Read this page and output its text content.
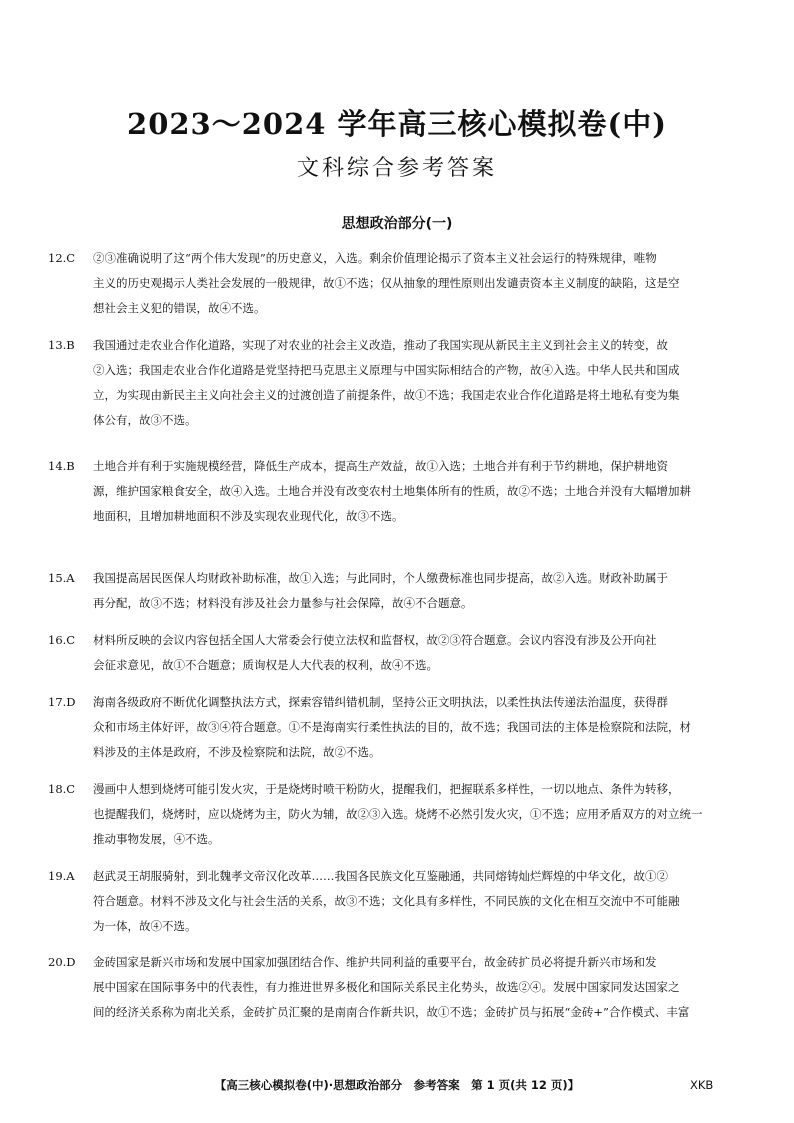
2023～2024 学年高三核心模拟卷(中)
文科综合参考答案
思想政治部分(一)
12.C ②③准确说明了这“两个伟大发现”的历史意义，入选。剩余价值理论揭示了资本主义社会运行的特殊规律，唯物
主义的历史观揭示人类社会发展的一般规律，故①不选；仅从抽象的理性原则出发谴责资本主义制度的缺陷，这是空
想社会主义犯的错误，故④不选。
13.B 我国通过走农业合作化道路，实现了对农业的社会主义改造，推动了我国实现从新民主主义到社会主义的转变，故
②入选；我国走农业合作化道路是党坚持把马克思主义原理与中国实际相结合的产物，故④入选。中华人民共和国成
立，为实现由新民主主义向社会主义的过渡创造了前提条件，故①不选；我国走农业合作化道路是将土地私有变为集
体公有，故③不选。
14.B 土地合并有利于实施规模经营，降低生产成本，提高生产效益，故①入选；土地合并有利于节约耕地，保护耕地资
源，维护国家粮食安全，故④入选。土地合并没有改变农村土地集体所有的性质，故②不选；土地合并没有大幅增加耕
地面积，且增加耕地面积不涉及实现农业现代化，故③不选。
15.A 我国提高居民医保人均财政补助标准，故①入选；与此同时，个人缴费标准也同步提高，故②入选。财政补助属于
再分配，故③不选；材料没有涉及社会力量参与社会保障，故④不合题意。
16.C 材料所反映的会议内容包括全国人大常委会行使立法权和监督权，故②③符合题意。会议内容没有涉及公开向社
会征求意见，故①不合题意；质询权是人大代表的权利，故④不选。
17.D 海南各级政府不断优化调整执法方式，探索容错纠错机制，坚持公正文明执法，以柔性执法传递法治温度，获得群
众和市场主体好评，故③④符合题意。①不是海南实行柔性执法的目的，故不选；我国司法的主体是检察院和法院，材
料涉及的主体是政府，不涉及检察院和法院，故②不选。
18.C 漫画中人想到烧烤可能引发火灾，于是烧烤时喷干粉防火，提醒我们，把握联系多样性，一切以地点、条件为转移，
也提醒我们，烧烤时，应以烧烤为主，防火为辅，故②③入选。烧烤不必然引发火灾，①不选；应用矛盾双方的对立统一
推动事物发展，④不选。
19.A 赵武灵王胡服骑射，到北魏孝文帝汉化改革……我国各民族文化互鉴融通，共同熔铸灿烂辉煌的中华文化，故①②
符合题意。材料不涉及文化与社会生活的关系，故③不选；文化具有多样性，不同民族的文化在相互交流中不可能融
为一体，故④不选。
20.D 金砖国家是新兴市场和发展中国家加强团结合作、维护共同利益的重要平台，故金砖扩员必将提升新兴市场和发
展中国家在国际事务中的代表性，有力推进世界多极化和国际关系民主化势头，故选②④。发展中国家同发达国家之
间的经济关系称为南北关系，金砖扩员汇聚的是南南合作新共识，故①不选；金砖扩员与拓展“金砖+”合作模式、丰富
【高三核心模拟卷(中)·思想政治部分　参考答案　第 1 页(共 12 页)】	XKB
